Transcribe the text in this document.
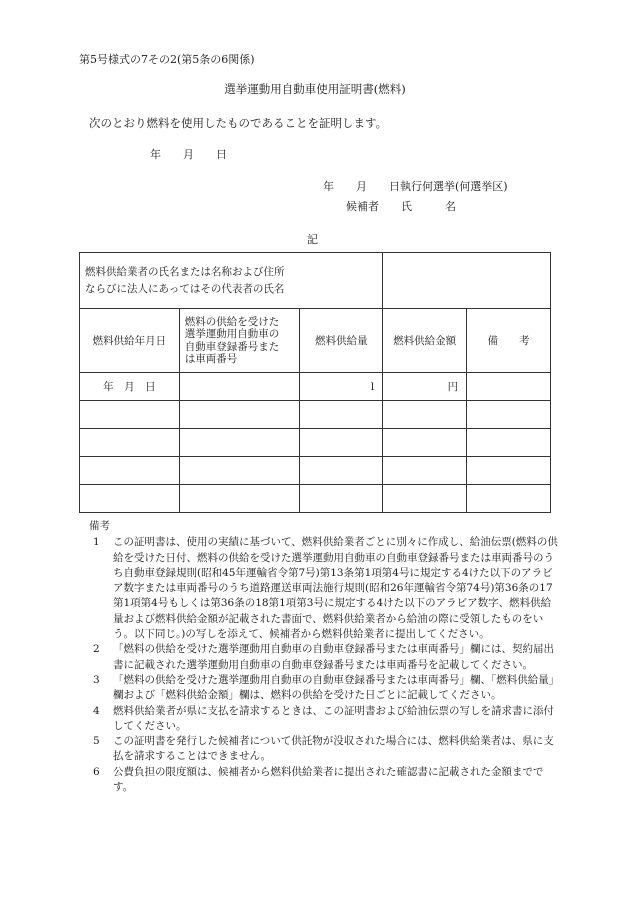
第5号様式の7その2(第5条の6関係)
選挙運動用自動車使用証明書(燃料)
次のとおり燃料を使用したものであることを証明します。
年 月 日
年　　月　　日執行何選挙(何選挙区)
候補者　　氏　　　名
記
燃料供給業者の氏名または名称および住所
ならびに法人にあってはその代表者の氏名				

燃料供給年月日	燃料の供給を受けた
選挙運動用自動車の
自動車登録番号また
は車両番号	燃料供給量	燃料供給金額	備　　考
年　月　日		l	円	

備考
1 この証明書は、使用の実績に基づいて、燃料供給業者ごとに別々に作成し、給油伝票(燃料の供給を受けた日付、燃料の供給を受けた選挙運動用自動車の自動車登録番号または車両番号のうち自動車登録規則(昭和45年運輸省令第7号)第13条第1項第4号に規定する4けた以下のアラビア数字または車両番号のうち道路運送車両法施行規則(昭和26年運輸省令第74号)第36条の17第1項第4号もしくは第36条の18第1項第3号に規定する4けた以下のアラビア数字、燃料供給量および燃料供給金額が記載された書面で、燃料供給業者から給油の際に受領したものをいう。以下同じ。)の写しを添えて、候補者から燃料供給業者に提出してください。
2 「燃料の供給を受けた選挙運動用自動車の自動車登録番号または車両番号」欄には、契約届出書に記載された選挙運動用自動車の自動車登録番号または車両番号を記載してください。
3 「燃料の供給を受けた選挙運動用自動車の自動車登録番号または車両番号」欄、「燃料供給量」欄および「燃料供給金額」欄は、燃料の供給を受けた日ごとに記載してください。
4 燃料供給業者が県に支払を請求するときは、この証明書および給油伝票の写しを請求書に添付してください。
5 この証明書を発行した候補者について供託物が没収された場合には、燃料供給業者は、県に支払を請求することはできません。
6 公費負担の限度額は、候補者から燃料供給業者に提出された確認書に記載された金額までです。
